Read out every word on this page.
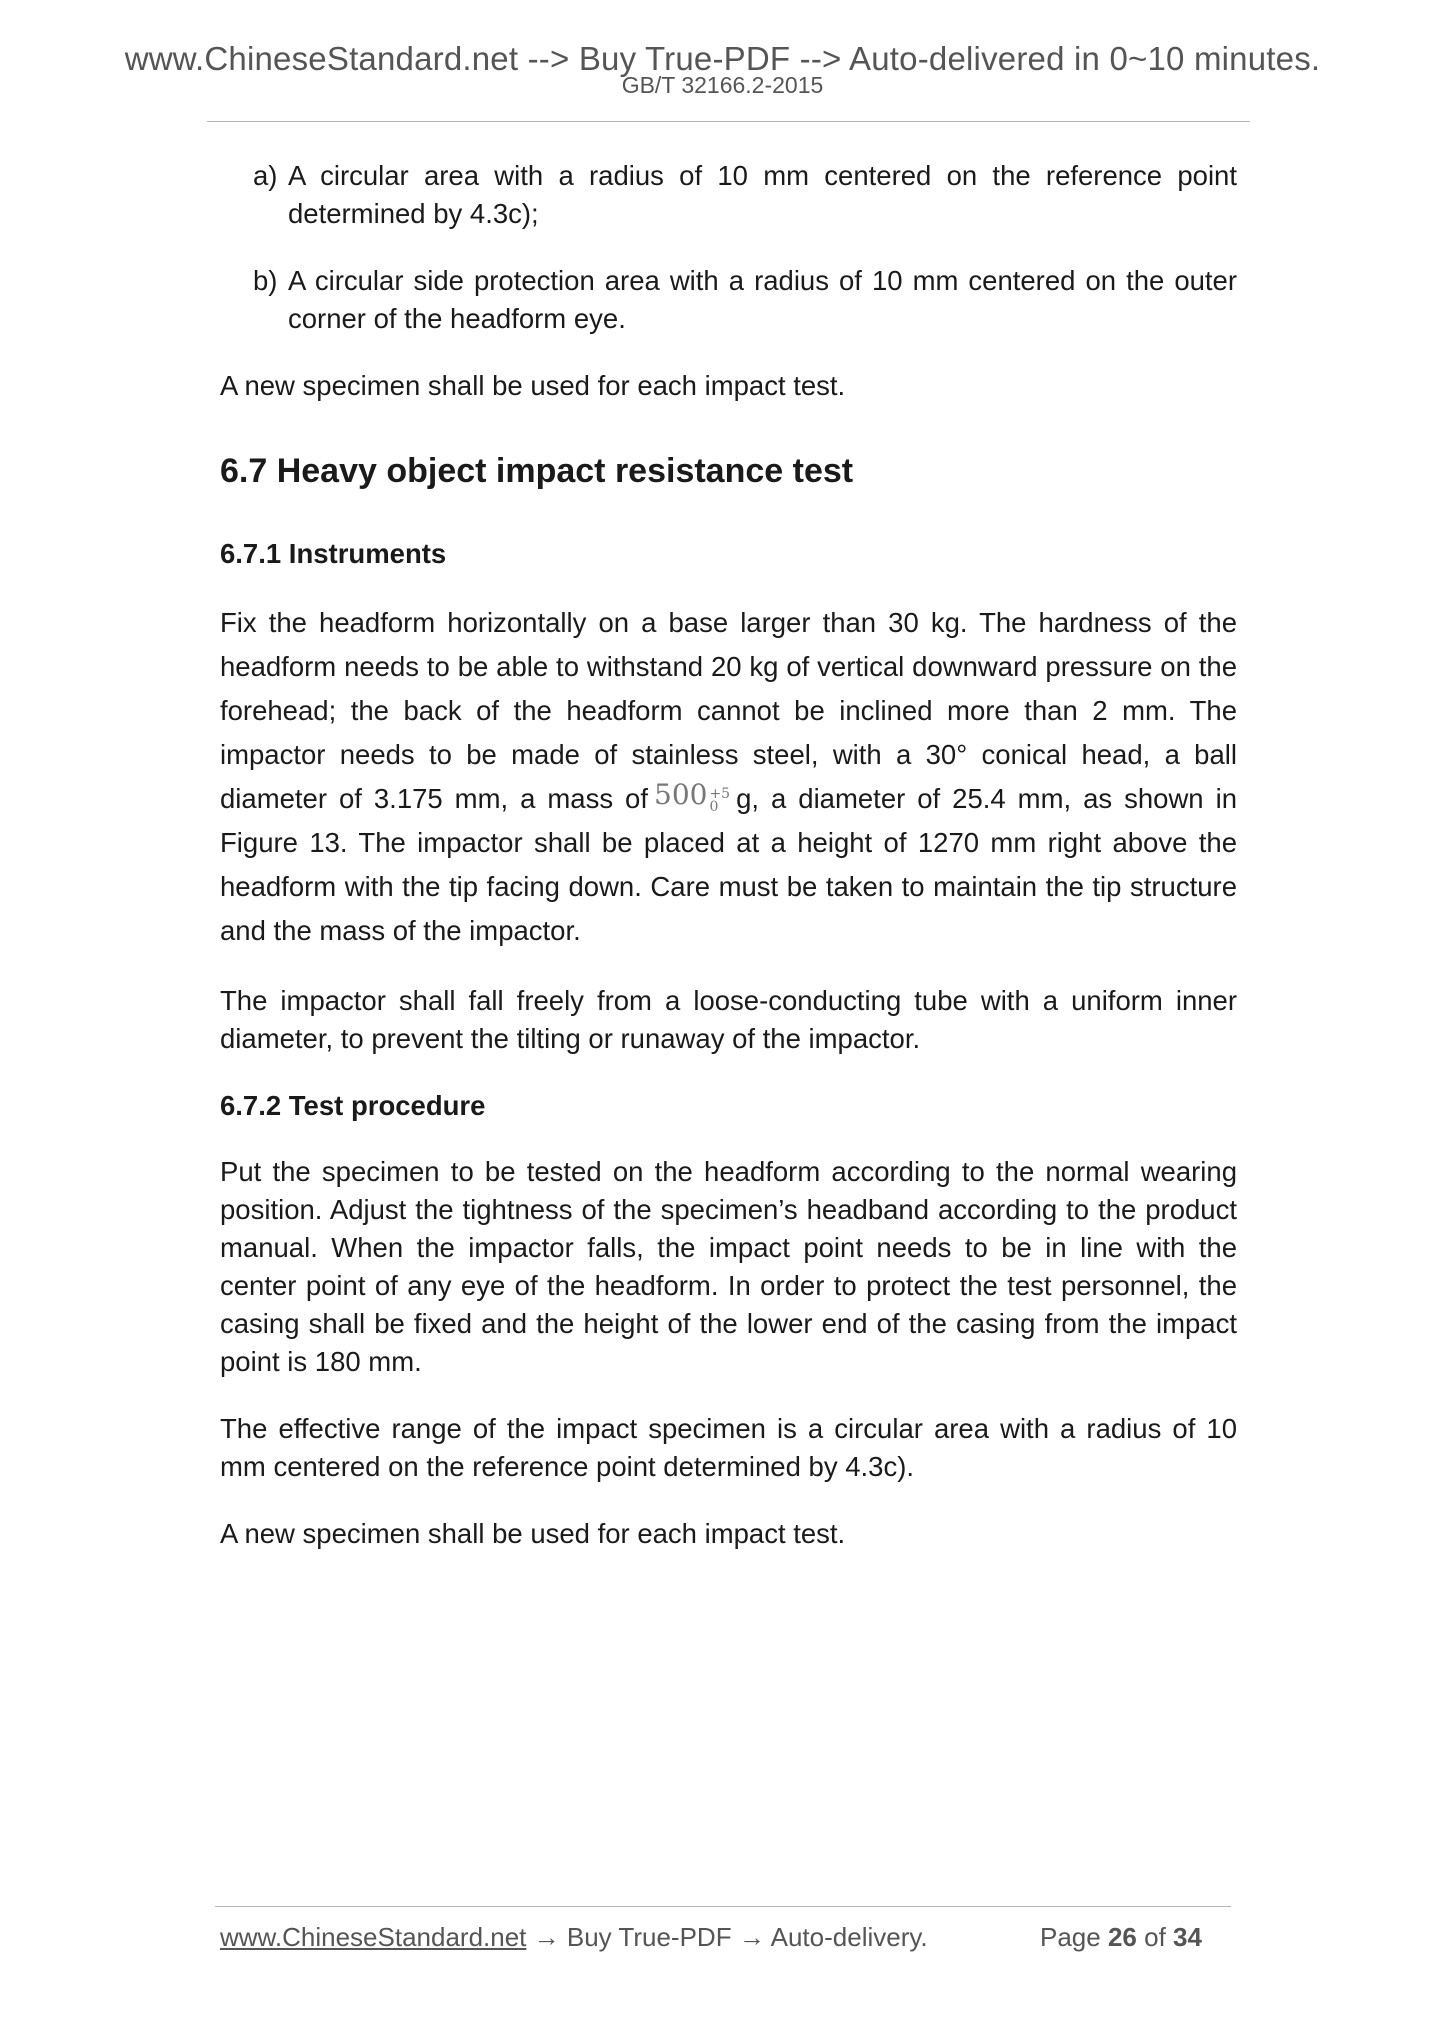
www.ChineseStandard.net --> Buy True-PDF --> Auto-delivered in 0~10 minutes.
GB/T 32166.2-2015
a) A circular area with a radius of 10 mm centered on the reference point determined by 4.3c);
b) A circular side protection area with a radius of 10 mm centered on the outer corner of the headform eye.

A new specimen shall be used for each impact test.

6.7 Heavy object impact resistance test
6.7.1 Instruments

Fix the headform horizontally on a base larger than 30 kg. The hardness of the headform needs to be able to withstand 20 kg of vertical downward pressure on the forehead; the back of the headform cannot be inclined more than 2 mm. The impactor needs to be made of stainless steel, with a 30° conical head, a ball diameter of 3.175 mm, a mass of 500 +5
0 g, a diameter of 25.4 mm, as shown in Figure 13. The impactor shall be placed at a height of 1270 mm right above the headform with the tip facing down. Care must be taken to maintain the tip structure and the mass of the impactor.

The impactor shall fall freely from a loose-conducting tube with a uniform inner diameter, to prevent the tilting or runaway of the impactor.

6.7.2 Test procedure

Put the specimen to be tested on the headform according to the normal wearing position. Adjust the tightness of the specimen’s headband according to the product manual. When the impactor falls, the impact point needs to be in line with the center point of any eye of the headform. In order to protect the test personnel, the casing shall be fixed and the height of the lower end of the casing from the impact point is 180 mm.

The effective range of the impact specimen is a circular area with a radius of 10 mm centered on the reference point determined by 4.3c).

A new specimen shall be used for each impact test.

www.ChineseStandard.net → Buy True-PDF → Auto-delivery.	Page 26 of 34
